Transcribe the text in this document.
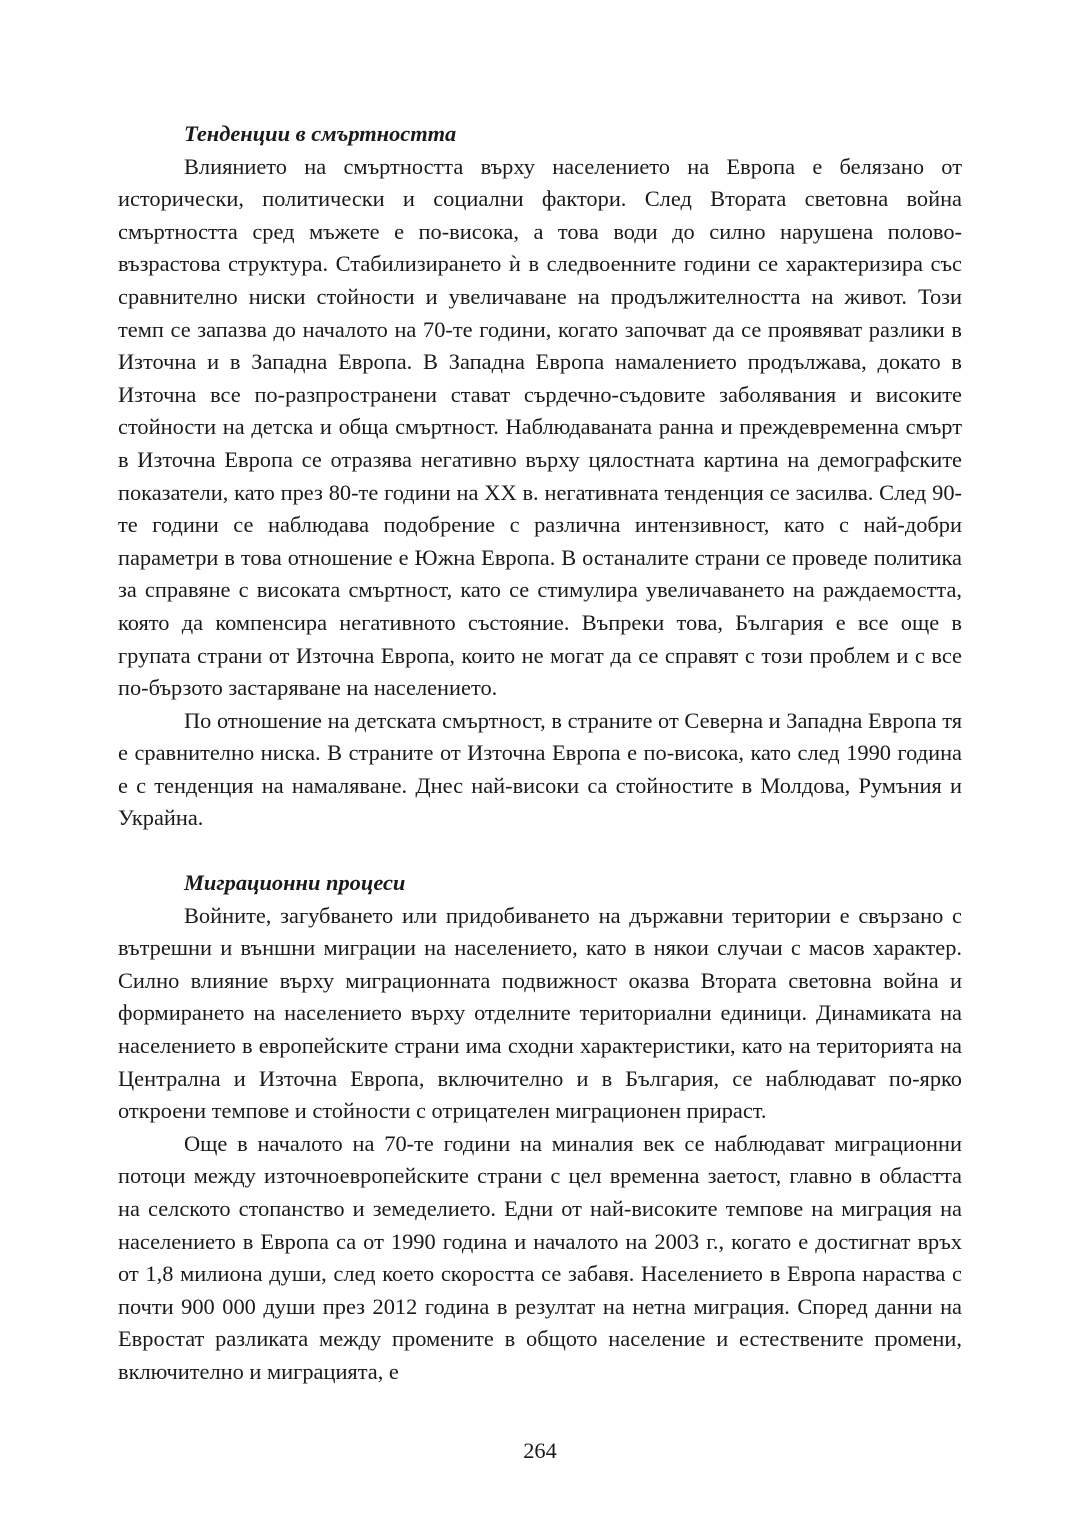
Тенденции в смъртността

Влиянието на смъртността върху населението на Европа е белязано от исторически, политически и социални фактори. След Втората световна война смъртността сред мъжете е по-висока, а това води до силно нарушена полово-възрастова структура. Стабилизирането ѝ в следвоенните години се характеризира със сравнително ниски стойности и увеличаване на продължителността на живот. Този темп се запазва до началото на 70-те години, когато започват да се проявяват разлики в Източна и в Западна Европа. В Западна Европа намалението продължава, докато в Източна все по-разпространени стават сърдечно-съдовите заболявания и високите стойности на детска и обща смъртност. Наблюдаваната ранна и преждевременна смърт в Източна Европа се отразява негативно върху цялостната картина на демографските показатели, като през 80-те години на XX в. негативната тенденция се засилва. След 90-те години се наблюдава подобрение с различна интензивност, като с най-добри параметри в това отношение е Южна Европа. В останалите страни се проведе политика за справяне с високата смъртност, като се стимулира увеличаването на раждаемостта, която да компенсира негативното състояние. Въпреки това, България е все още в групата страни от Източна Европа, които не могат да се справят с този проблем и с все по-бързото застаряване на населението.

По отношение на детската смъртност, в страните от Северна и Западна Европа тя е сравнително ниска. В страните от Източна Европа е по-висока, като след 1990 година е с тенденция на намаляване. Днес най-високи са стойностите в Молдова, Румъния и Украйна.

Миграционни процеси

Войните, загубването или придобиването на държавни територии е свързано с вътрешни и външни миграции на населението, като в някои случаи с масов характер. Силно влияние върху миграционната подвижност оказва Втората световна война и формирането на населението върху отделните териториални единици. Динамиката на населението в европейските страни има сходни характеристики, като на територията на Централна и Източна Европа, включително и в България, се наблюдават по-ярко откроени темпове и стойности с отрицателен миграционен прираст.

Още в началото на 70-те години на миналия век се наблюдават миграционни потоци между източноевропейските страни с цел временна заетост, главно в областта на селското стопанство и земеделието. Едни от най-високите темпове на миграция на населението в Европа са от 1990 година и началото на 2003 г., когато е достигнат връх от 1,8 милиона души, след което скоростта се забавя. Населението в Европа нараства с почти 900 000 души през 2012 година в резултат на нетна миграция. Според данни на Евростат разликата между промените в общото население и естествените промени, включително и миграцията, е

264
